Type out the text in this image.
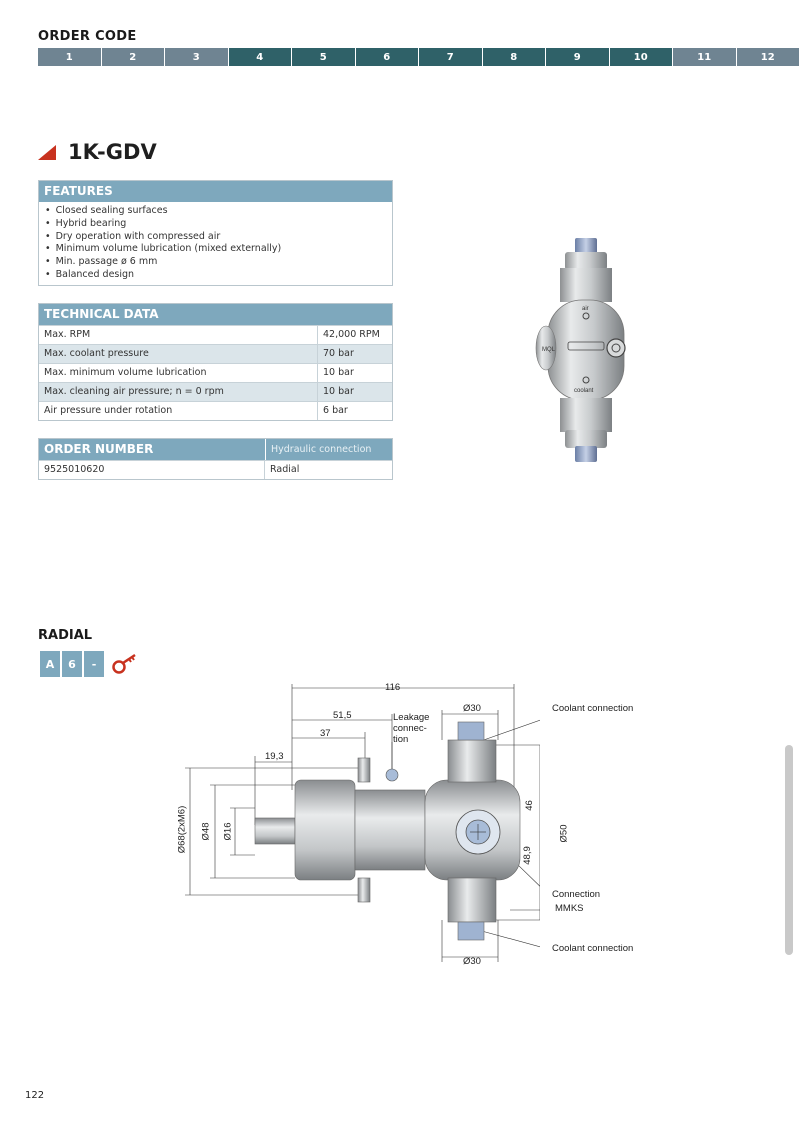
ORDER CODE
1	2	3	4	5	6	7	8	9	10	11	12
1K-GDV
FEATURES
• Closed sealing surfaces
• Hybrid bearing
• Dry operation with compressed air
• Minimum volume lubrication (mixed externally)
• Min. passage ø 6 mm
• Balanced design
TECHNICAL DATA
Max. RPM	42,000 RPM
Max. coolant pressure	70 bar
Max. minimum volume lubrication	10 bar
Max. cleaning air pressure; n = 0 rpm	10 bar
Air pressure under rotation	6 bar
ORDER NUMBER	Hydraulic connection
9525010620	Radial
air
MQL
coolant
RADIAL
A	6	-
116
51,5
37
19,3
Ø30
Ø30
46
48,9
Ø50
Ø68(2xM6) Ø48 Ø16
Leakage
connec-
tion
Coolant connection
Connection
MMKS
Coolant connection
122
